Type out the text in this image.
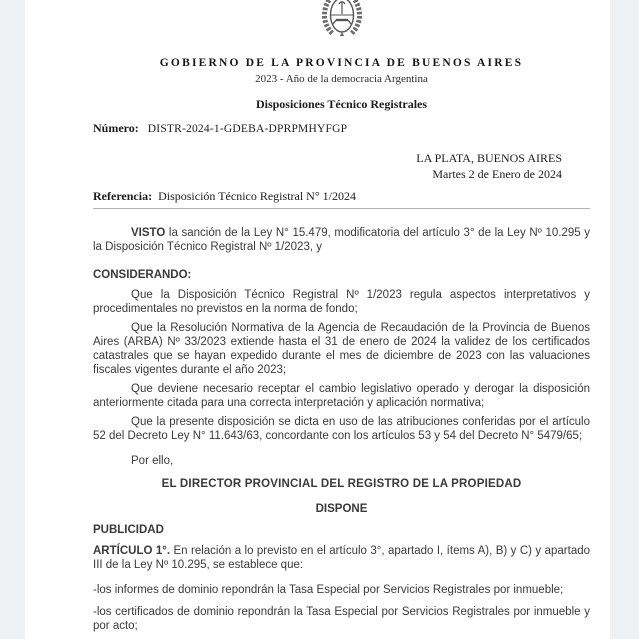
GOBIERNO DE LA PROVINCIA DE BUENOS AIRES
2023 - Año de la democracia Argentina
Disposiciones Técnico Registrales
Número: DISTR-2024-1-GDEBA-DPRPMHYFGP
LA PLATA, BUENOS AIRES
Martes 2 de Enero de 2024
Referencia: Disposición Técnico Registral N° 1/2024

VISTO la sanción de la Ley N° 15.479, modificatoria del artículo 3° de la Ley Nº 10.295 y la Disposición Técnico Registral Nº 1/2023, y

CONSIDERANDO:

Que la Disposición Técnico Registral Nº 1/2023 regula aspectos interpretativos y procedimentales no previstos en la norma de fondo;

Que la Resolución Normativa de la Agencia de Recaudación de la Provincia de Buenos Aires (ARBA) Nº 33/2023 extiende hasta el 31 de enero de 2024 la validez de los certificados catastrales que se hayan expedido durante el mes de diciembre de 2023 con las valuaciones fiscales vigentes durante el año 2023;

Que deviene necesario receptar el cambio legislativo operado y derogar la disposición anteriormente citada para una correcta interpretación y aplicación normativa;

Que la presente disposición se dicta en uso de las atribuciones conferidas por el artículo 52 del Decreto Ley N° 11.643/63, concordante con los artículos 53 y 54 del Decreto N° 5479/65;

Por ello,

EL DIRECTOR PROVINCIAL DEL REGISTRO DE LA PROPIEDAD

DISPONE

PUBLICIDAD

ARTÍCULO 1°. En relación a lo previsto en el artículo 3°, apartado I, ítems A), B) y C) y apartado III de la Ley Nº 10.295, se establece que:

-los informes de dominio repondrán la Tasa Especial por Servicios Registrales por inmueble;

-los certificados de dominio repondrán la Tasa Especial por Servicios Registrales por inmueble y por acto;
